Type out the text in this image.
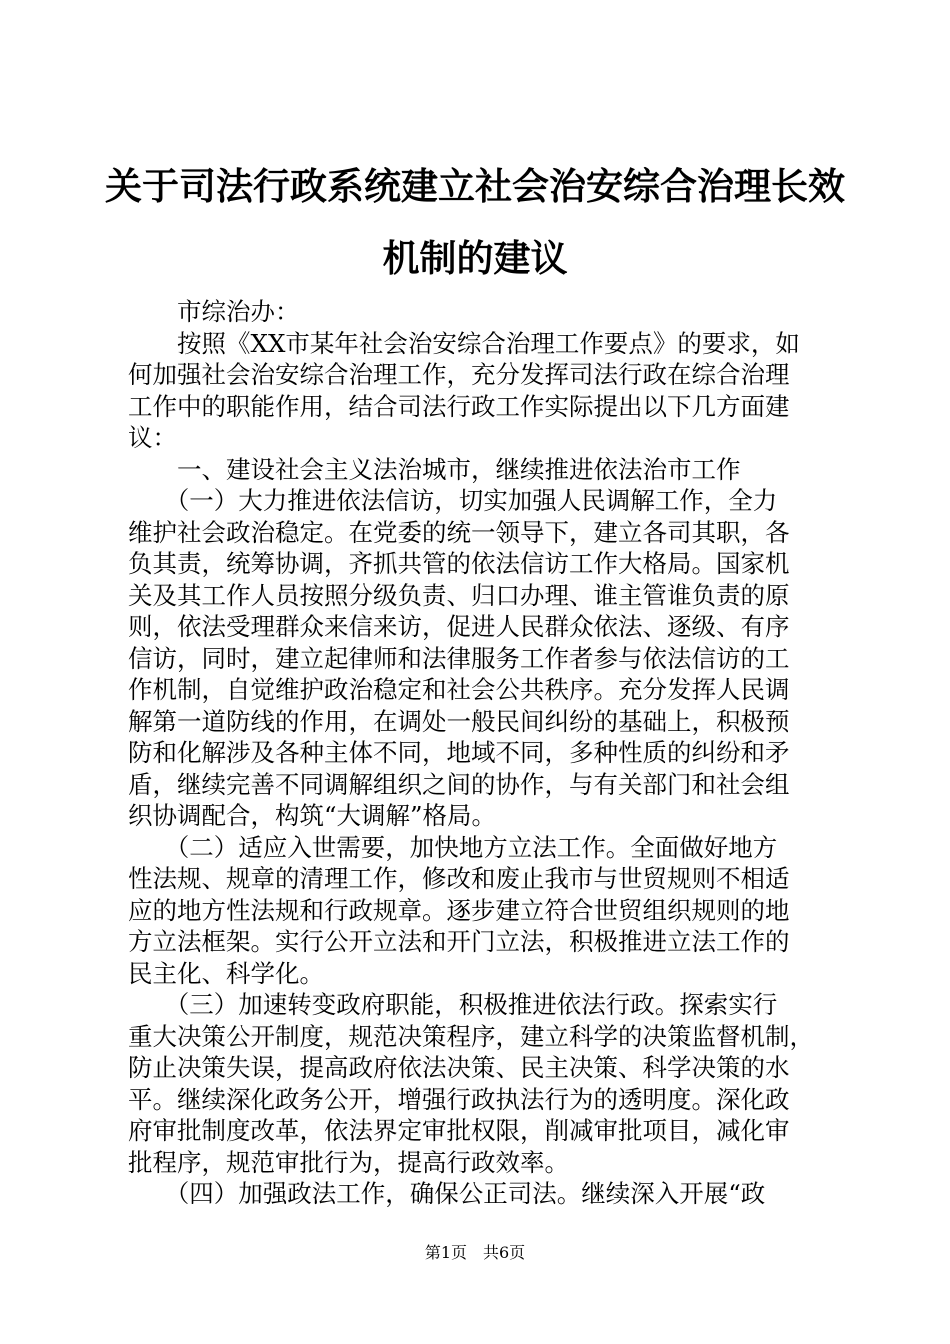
关于司法行政系统建立社会治安综合治理长效
机制的建议
　　市综治办：
　　按照《XX市某年社会治安综合治理工作要点》的要求，如
何加强社会治安综合治理工作，充分发挥司法行政在综合治理
工作中的职能作用，结合司法行政工作实际提出以下几方面建
议：
　　一、建设社会主义法治城市，继续推进依法治市工作
　　（一）大力推进依法信访，切实加强人民调解工作，全力
维护社会政治稳定。在党委的统一领导下，建立各司其职，各
负其责，统筹协调，齐抓共管的依法信访工作大格局。国家机
关及其工作人员按照分级负责、归口办理、谁主管谁负责的原
则，依法受理群众来信来访，促进人民群众依法、逐级、有序
信访，同时，建立起律师和法律服务工作者参与依法信访的工
作机制，自觉维护政治稳定和社会公共秩序。充分发挥人民调
解第一道防线的作用，在调处一般民间纠纷的基础上，积极预
防和化解涉及各种主体不同，地域不同，多种性质的纠纷和矛
盾，继续完善不同调解组织之间的协作，与有关部门和社会组
织协调配合，构筑“大调解”格局。
　　（二）适应入世需要，加快地方立法工作。全面做好地方
性法规、规章的清理工作，修改和废止我市与世贸规则不相适
应的地方性法规和行政规章。逐步建立符合世贸组织规则的地
方立法框架。实行公开立法和开门立法，积极推进立法工作的
民主化、科学化。
　　（三）加速转变政府职能，积极推进依法行政。探索实行
重大决策公开制度，规范决策程序，建立科学的决策监督机制，
防止决策失误，提高政府依法决策、民主决策、科学决策的水
平。继续深化政务公开，增强行政执法行为的透明度。深化政
府审批制度改革，依法界定审批权限，削减审批项目，减化审
批程序，规范审批行为，提高行政效率。
　　（四）加强政法工作，确保公正司法。继续深入开展“政
第1页　共6页
